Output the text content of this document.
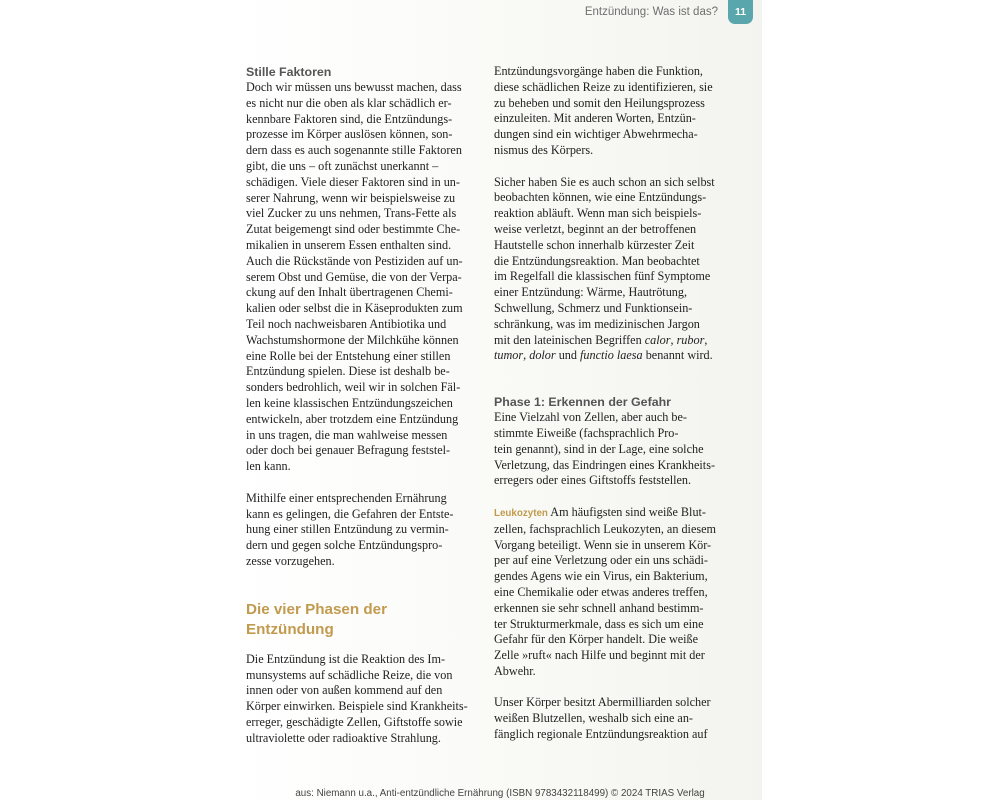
Entzündung: Was ist das?	11
Stille Faktoren

Doch wir müssen uns bewusst machen, dass
es nicht nur die oben als klar schädlich er-
kennbare Faktoren sind, die Entzündungs-
prozesse im Körper auslösen können, son-
dern dass es auch sogenannte stille Faktoren
gibt, die uns – oft zunächst unerkannt –
schädigen. Viele dieser Faktoren sind in un-
serer Nahrung, wenn wir beispielsweise zu
viel Zucker zu uns nehmen, Trans-Fette als
Zutat beigemengt sind oder bestimmte Che-
mikalien in unserem Essen enthalten sind.
Auch die Rückstände von Pestiziden auf un-
serem Obst und Gemüse, die von der Verpa-
ckung auf den Inhalt übertragenen Chemi-
kalien oder selbst die in Käseprodukten zum
Teil noch nachweisbaren Antibiotika und
Wachstumshormone der Milchkühe können
eine Rolle bei der Entstehung einer stillen
Entzündung spielen. Diese ist deshalb be-
sonders bedrohlich, weil wir in solchen Fäl-
len keine klassischen Entzündungszeichen
entwickeln, aber trotzdem eine Entzündung
in uns tragen, die man wahlweise messen
oder doch bei genauer Befragung feststel-
len kann.

Mithilfe einer entsprechenden Ernährung
kann es gelingen, die Gefahren der Entste-
hung einer stillen Entzündung zu vermin-
dern und gegen solche Entzündungspro-
zesse vorzugehen.

Die vier Phasen der
Entzündung

Die Entzündung ist die Reaktion des Im-
munsystems auf schädliche Reize, die von
innen oder von außen kommend auf den
Körper einwirken. Beispiele sind Krankheits-
erreger, geschädigte Zellen, Giftstoffe sowie
ultraviolette oder radioaktive Strahlung.

Entzündungsvorgänge haben die Funktion,
diese schädlichen Reize zu identifizieren, sie
zu beheben und somit den Heilungsprozess
einzuleiten. Mit anderen Worten, Entzün-
dungen sind ein wichtiger Abwehrmecha-
nismus des Körpers.

Sicher haben Sie es auch schon an sich selbst
beobachten können, wie eine Entzündungs-
reaktion abläuft. Wenn man sich beispiels-
weise verletzt, beginnt an der betroffenen
Hautstelle schon innerhalb kürzester Zeit
die Entzündungsreaktion. Man beobachtet
im Regelfall die klassischen fünf Symptome
einer Entzündung: Wärme, Hautrötung,
Schwellung, Schmerz und Funktionsein-
schränkung, was im medizinischen Jargon
mit den lateinischen Begriffen calor, rubor,
tumor, dolor und functio laesa benannt wird.

Phase 1: Erkennen der Gefahr

Eine Vielzahl von Zellen, aber auch be-
stimmte Eiweiße (fachsprachlich Pro-
tein genannt), sind in der Lage, eine solche
Verletzung, das Eindringen eines Krankheits-
erregers oder eines Giftstoffs feststellen.

Leukozyten Am häufigsten sind weiße Blut-
zellen, fachsprachlich Leukozyten, an diesem
Vorgang beteiligt. Wenn sie in unserem Kör-
per auf eine Verletzung oder ein uns schädi-
gendes Agens wie ein Virus, ein Bakterium,
eine Chemikalie oder etwas anderes treffen,
erkennen sie sehr schnell anhand bestimm-
ter Strukturmerkmale, dass es sich um eine
Gefahr für den Körper handelt. Die weiße
Zelle »ruft« nach Hilfe und beginnt mit der
Abwehr.

Unser Körper besitzt Abermilliarden solcher
weißen Blutzellen, weshalb sich eine an-
fänglich regionale Entzündungsreaktion auf

aus: Niemann u.a., Anti-entzündliche Ernährung (ISBN 9783432118499) © 2024 TRIAS Verlag
